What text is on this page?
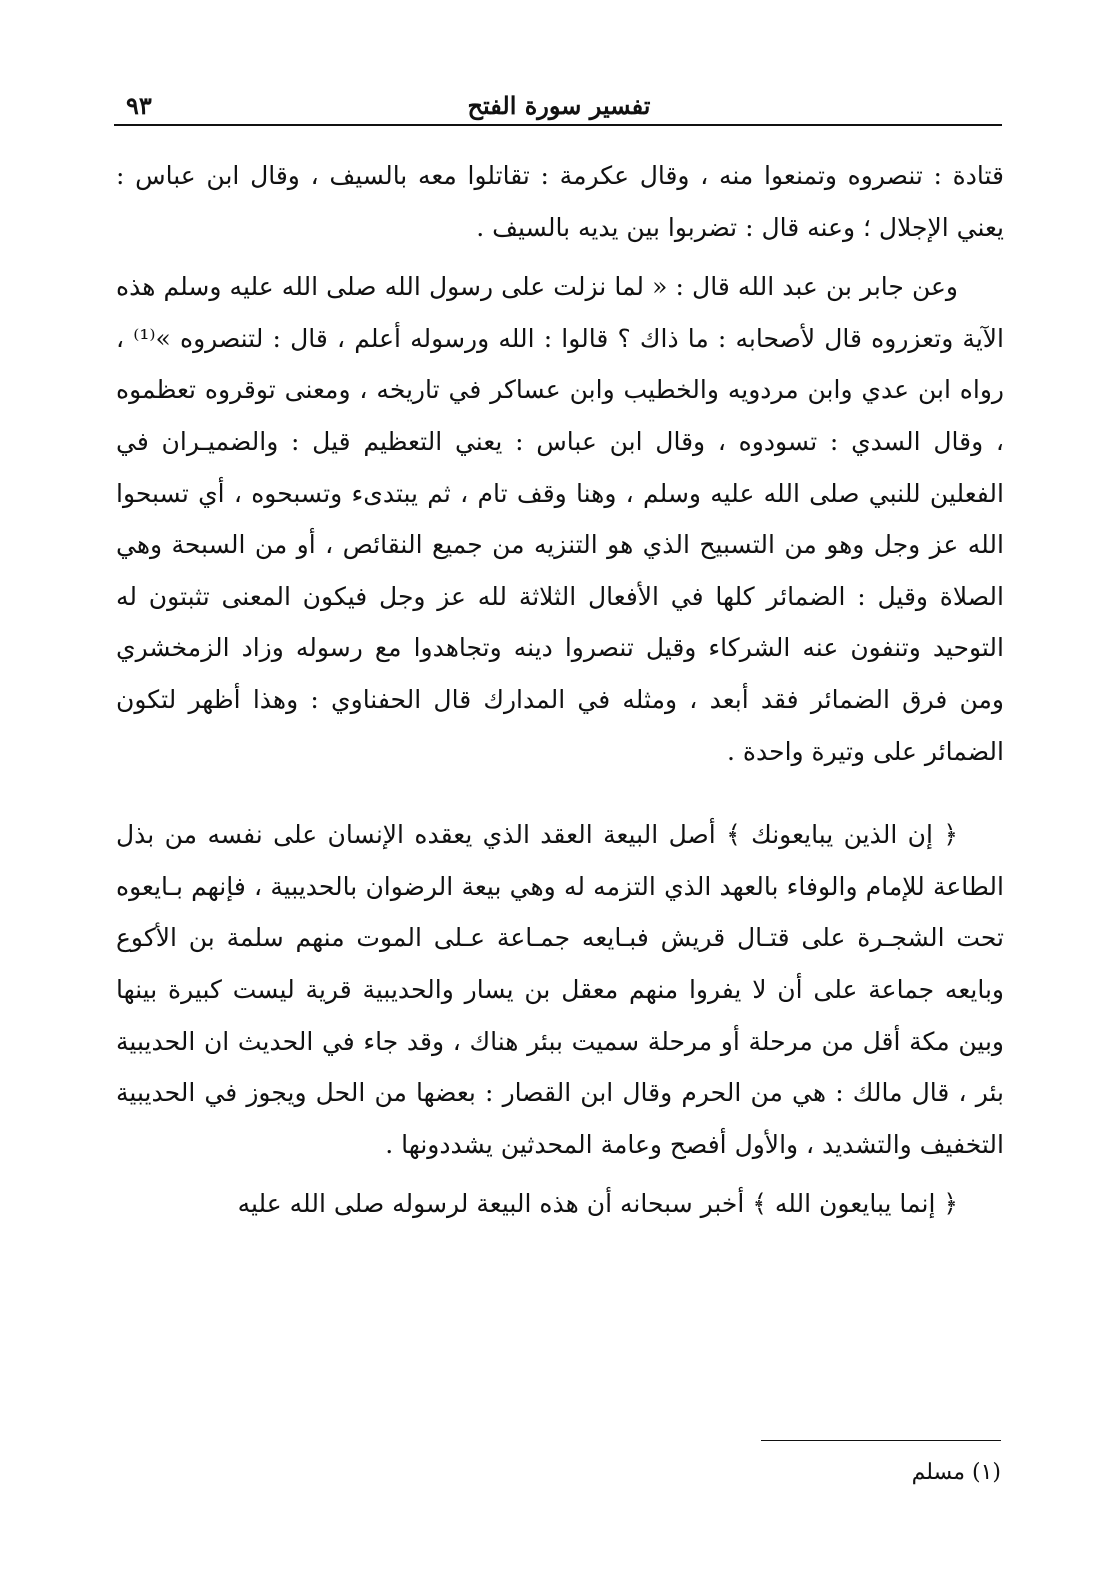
تفسير سورة الفتح
٩٣

قتادة : تنصروه وتمنعوا منه ، وقال عكرمة : تقاتلوا معه بالسيف ، وقال ابن عباس : يعني الإجلال ؛ وعنه قال : تضربوا بين يديه بالسيف .

وعن جابر بن عبد الله قال : « لما نزلت على رسول الله صلى الله عليه وسلم هذه الآية وتعزروه قال لأصحابه : ما ذاك ؟ قالوا : الله ورسوله أعلم ، قال : لتنصروه »⁽¹⁾ ، رواه ابن عدي وابن مردويه والخطيب وابن عساكر في تاريخه ، ومعنى توقروه تعظموه ، وقال السدي : تسودوه ، وقال ابن عباس : يعني التعظيم قيل : والضميـران في الفعلين للنبي صلى الله عليه وسلم ، وهنا وقف تام ، ثم يبتدىء وتسبحوه ، أي تسبحوا الله عز وجل وهو من التسبيح الذي هو التنزيه من جميع النقائص ، أو من السبحة وهي الصلاة وقيل : الضمائر كلها في الأفعال الثلاثة لله عز وجل فيكون المعنى تثبتون له التوحيد وتنفون عنه الشركاء وقيل تنصروا دينه وتجاهدوا مع رسوله وزاد الزمخشري ومن فرق الضمائر فقد أبعد ، ومثله في المدارك قال الحفناوي : وهذا أظهر لتكون الضمائر على وتيرة واحدة .

﴿ إن الذين يبايعونك ﴾ أصل البيعة العقد الذي يعقده الإنسان على نفسه من بذل الطاعة للإمام والوفاء بالعهد الذي التزمه له وهي بيعة الرضوان بالحديبية ، فإنهم بـايعوه تحت الشجـرة على قتـال قريش فبـايعه جمـاعة عـلى الموت منهم سلمة بن الأكوع وبايعه جماعة على أن لا يفروا منهم معقل بن يسار والحديبية قرية ليست كبيرة بينها وبين مكة أقل من مرحلة أو مرحلة سميت ببئر هناك ، وقد جاء في الحديث ان الحديبية بئر ، قال مالك : هي من الحرم وقال ابن القصار : بعضها من الحل ويجوز في الحديبية التخفيف والتشديد ، والأول أفصح وعامة المحدثين يشددونها .

﴿ إنما يبايعون الله ﴾ أخبر سبحانه أن هذه البيعة لرسوله صلى الله عليه

(١) مسلم
